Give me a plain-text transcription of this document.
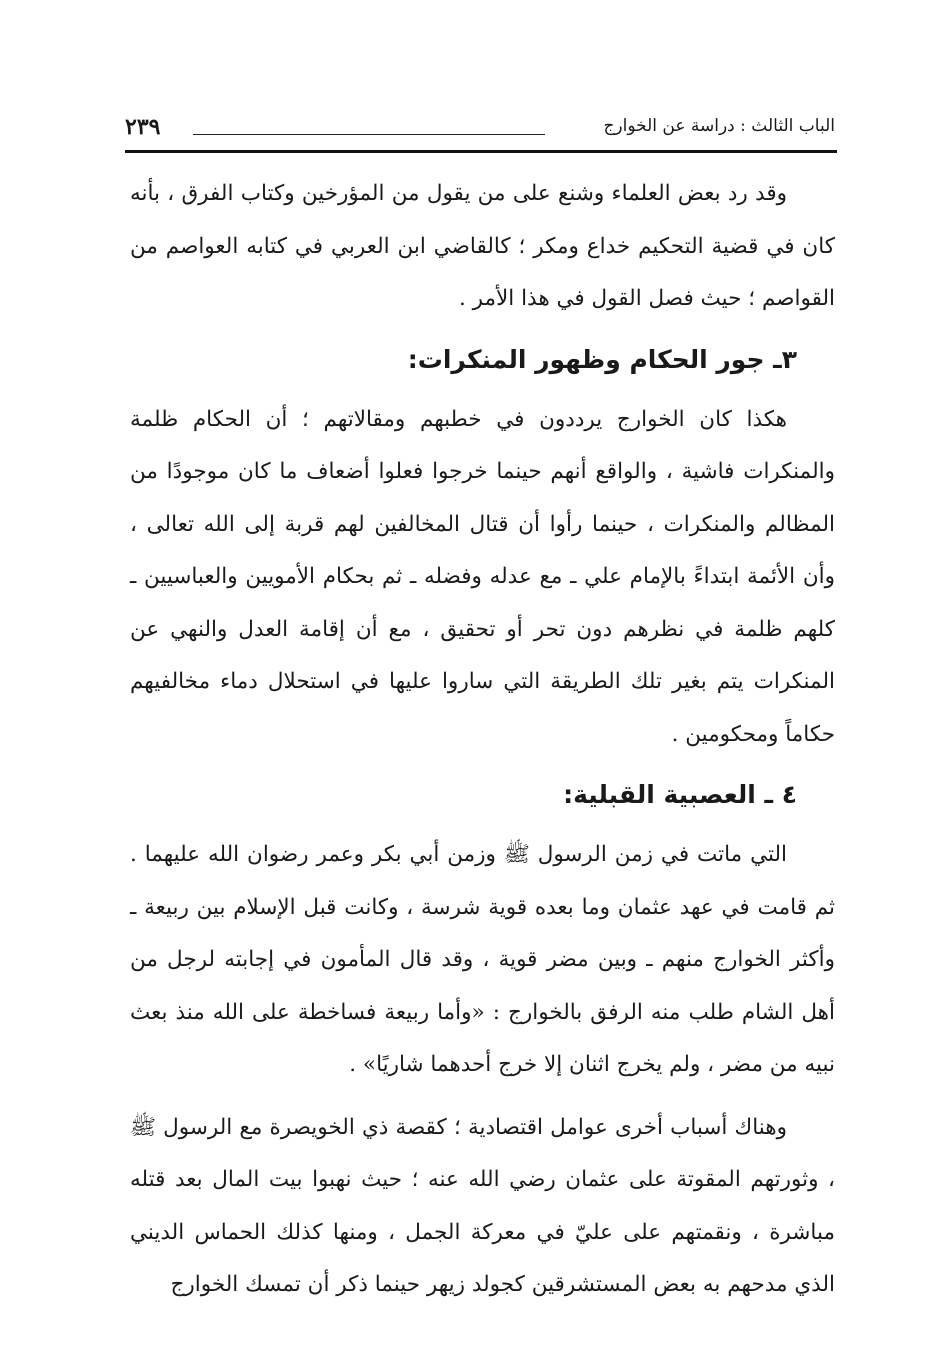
الباب الثالث : دراسة عن الخوارج
٢٣٩

وقد رد بعض العلماء وشنع على من يقول من المؤرخين وكتاب الفرق ، بأنه كان في قضية التحكيم خداع ومكر ؛ كالقاضي ابن العربي في كتابه العواصم من القواصم ؛ حيث فصل القول في هذا الأمر .

٣ـ جور الحكام وظهور المنكرات:

هكذا كان الخوارج يرددون في خطبهم ومقالاتهم ؛ أن الحكام ظلمة والمنكرات فاشية ، والواقع أنهم حينما خرجوا فعلوا أضعاف ما كان موجودًا من المظالم والمنكرات ، حينما رأوا أن قتال المخالفين لهم قربة إلى الله تعالى ، وأن الأئمة ابتداءً بالإمام علي ـ مع عدله وفضله ـ ثم بحكام الأمويين والعباسيين ـ كلهم ظلمة في نظرهم دون تحر أو تحقيق ، مع أن إقامة العدل والنهي عن المنكرات يتم بغير تلك الطريقة التي ساروا عليها في استحلال دماء مخالفيهم حكاماً ومحكومين .

٤ ـ العصبية القبلية:

التي ماتت في زمن الرسول ﷺ وزمن أبي بكر وعمر رضوان الله عليهما . ثم قامت في عهد عثمان وما بعده قوية شرسة ، وكانت قبل الإسلام بين ربيعة ـ وأكثر الخوارج منهم ـ وبين مضر قوية ، وقد قال المأمون في إجابته لرجل من أهل الشام طلب منه الرفق بالخوارج : «وأما ربيعة فساخطة على الله منذ بعث نبيه من مضر ، ولم يخرج اثنان إلا خرج أحدهما شاريًا» .

وهناك أسباب أخرى عوامل اقتصادية ؛ كقصة ذي الخويصرة مع الرسول ﷺ ، وثورتهم المقوتة على عثمان رضي الله عنه ؛ حيث نهبوا بيت المال بعد قتله مباشرة ، ونقمتهم على عليّ في معركة الجمل ، ومنها كذلك الحماس الديني الذي مدحهم به بعض المستشرقين كجولد زيهر حينما ذكر أن تمسك الخوارج
